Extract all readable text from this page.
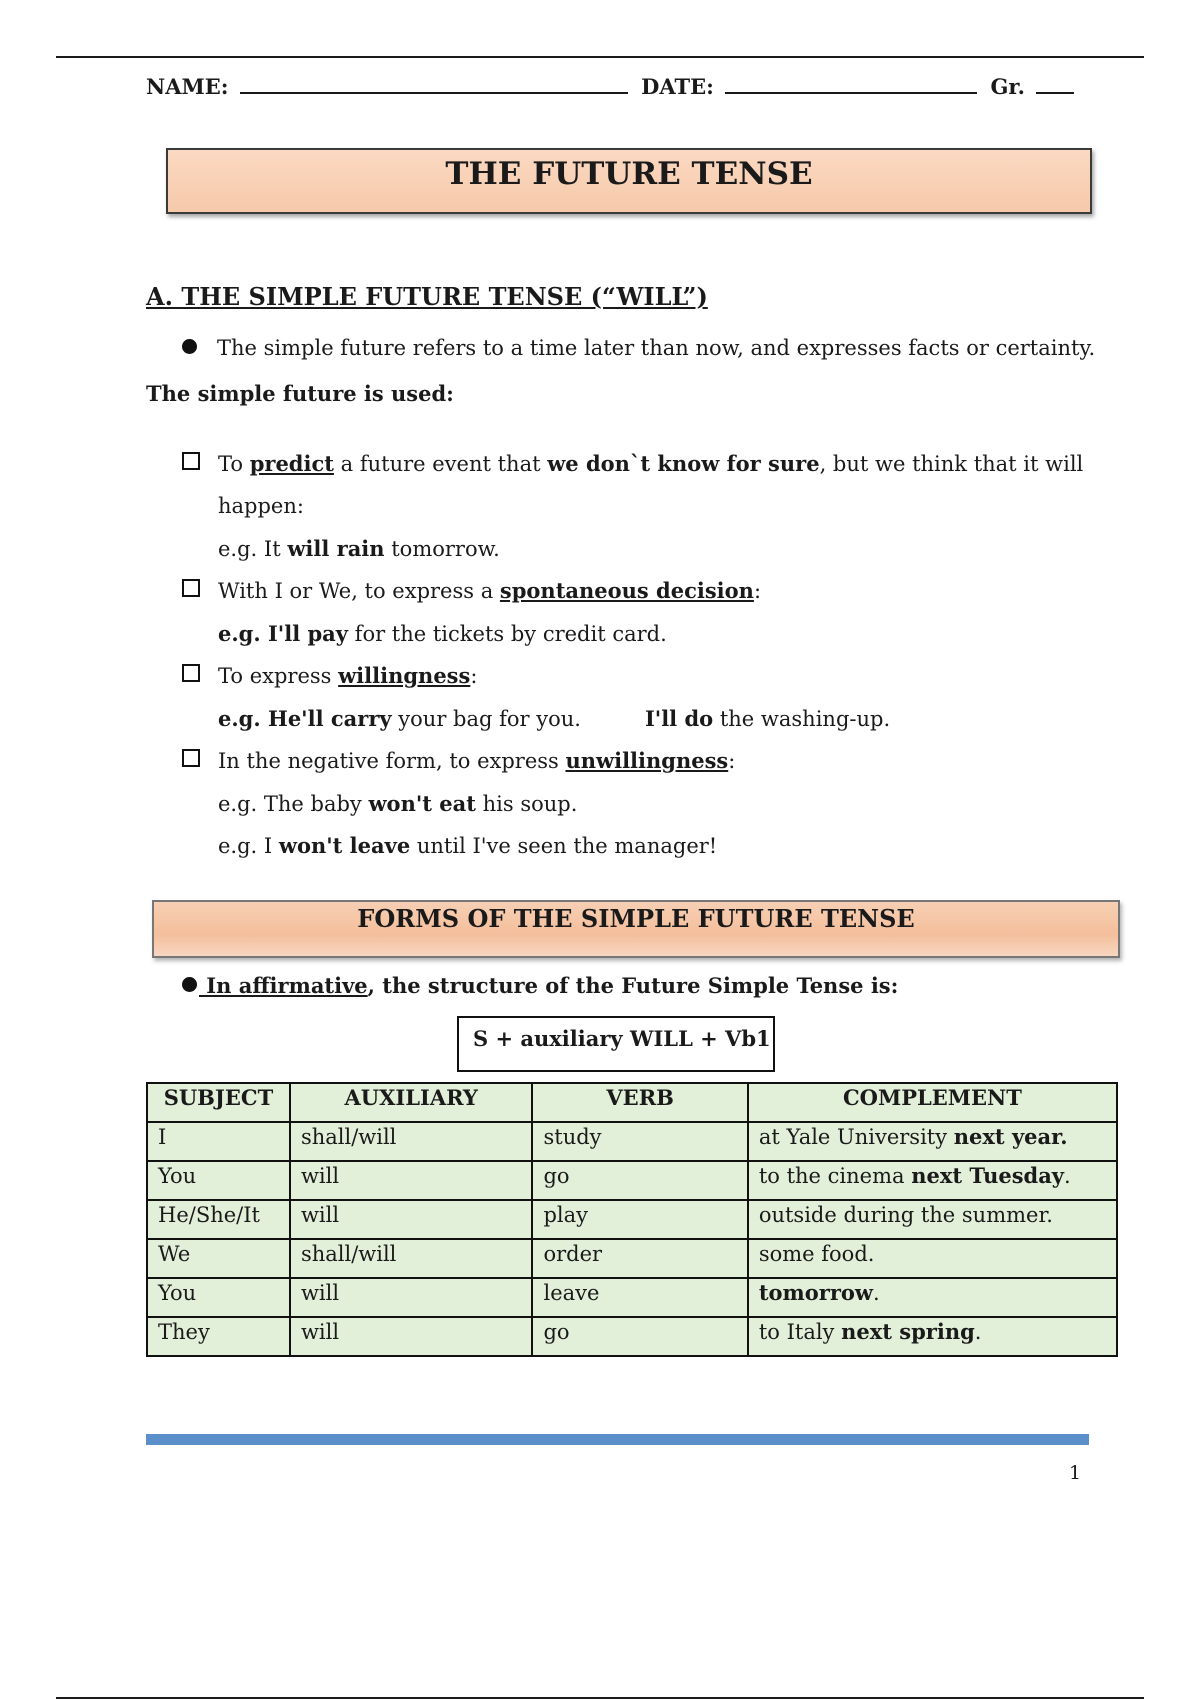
NAME:	DATE:	Gr.
THE FUTURE TENSE
A. THE SIMPLE FUTURE TENSE (“WILL”)
The simple future refers to a time later than now, and expresses facts or certainty.
The simple future is used:
To predict a future event that we don`t know for sure, but we think that it will
happen:
e.g. It will rain tomorrow.
With I or We, to express a spontaneous decision:
e.g. I'll pay for the tickets by credit card.
To express willingness:
e.g. He'll carry your bag for you.	I'll do the washing-up.
In the negative form, to express unwillingness:
e.g. The baby won't eat his soup.
e.g. I won't leave until I've seen the manager!
FORMS OF THE SIMPLE FUTURE TENSE
In affirmative, the structure of the Future Simple Tense is:
S + auxiliary WILL + Vb1
SUBJECT	AUXILIARY	VERB	COMPLEMENT
I	shall/will	study	at Yale University next year.
You	will	go	to the cinema next Tuesday.
He/She/It	will	play	outside during the summer.
We	shall/will	order	some food.
You	will	leave	tomorrow.
They	will	go	to Italy next spring.
1
